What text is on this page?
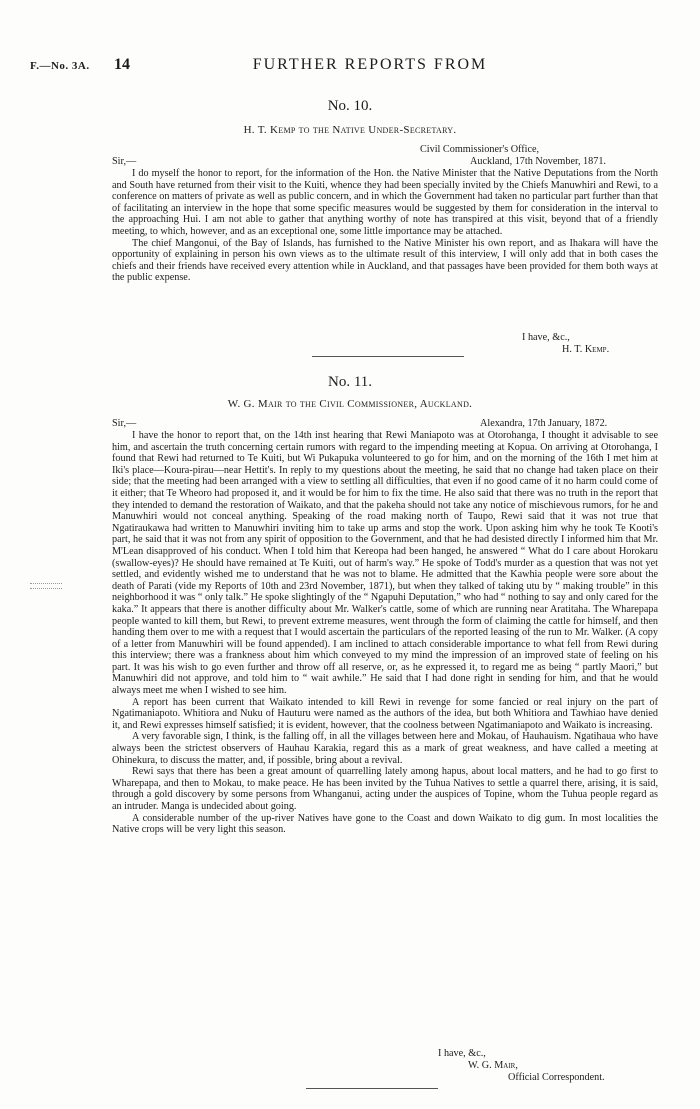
F.—No. 3A. 14	FURTHER REPORTS FROM
No. 10.
H. T. Kemp to the Native Under-Secretary.
Civil Commissioner's Office,
Sir,—	Auckland, 17th November, 1871.

I do myself the honor to report, for the information of the Hon. the Native Minister that the Native Deputations from the North and South have returned from their visit to the Kuiti, whence they had been specially invited by the Chiefs Manuwhiri and Rewi, to a conference on matters of private as well as public concern, and in which the Government had taken no particular part further than that of facilitating an interview in the hope that some specific measures would be suggested by them for consideration in the interval to the approaching Hui. I am not able to gather that anything worthy of note has transpired at this visit, beyond that of a friendly meeting, to which, however, and as an exceptional one, some little importance may be attached.

The chief Mangonui, of the Bay of Islands, has furnished to the Native Minister his own report, and as Ihakara will have the opportunity of explaining in person his own views as to the ultimate result of this interview, I will only add that in both cases the chiefs and their friends have received every attention while in Auckland, and that passages have been provided for them both ways at the public expense.

I have, &c.,
H. T. Kemp.
No. 11.
W. G. Mair to the Civil Commissioner, Auckland.
Sir,—	Alexandra, 17th January, 1872.

I have the honor to report that, on the 14th inst hearing that Rewi Maniapoto was at Otorohanga, I thought it advisable to see him, and ascertain the truth concerning certain rumors with regard to the impending meeting at Kopua. On arriving at Otorohanga, I found that Rewi had returned to Te Kuiti, but Wi Pukapuka volunteered to go for him, and on the morning of the 16th I met him at Iki's place—Koura-pirau—near Hettit's. In reply to my questions about the meeting, he said that no change had taken place on their side; that the meeting had been arranged with a view to settling all difficulties, that even if no good came of it no harm could come of it either; that Te Wheoro had proposed it, and it would be for him to fix the time. He also said that there was no truth in the report that they intended to demand the restoration of Waikato, and that the pakeha should not take any notice of mischievous rumors, for he and Manuwhiri would not conceal anything. Speaking of the road making north of Taupo, Rewi said that it was not true that Ngatiraukawa had written to Manuwhiri inviting him to take up arms and stop the work. Upon asking him why he took Te Kooti's part, he said that it was not from any spirit of opposition to the Government, and that he had desisted directly I informed him that Mr. M'Lean disapproved of his conduct. When I told him that Kereopa had been hanged, he answered “ What do I care about Horokaru (swallow-eyes)? He should have remained at Te Kuiti, out of harm's way.” He spoke of Todd's murder as a question that was not yet settled, and evidently wished me to understand that he was not to blame. He admitted that the Kawhia people were sore about the death of Parati (vide my Reports of 10th and 23rd November, 1871), but when they talked of taking utu by “ making trouble” in this neighborhood it was “ only talk.” He spoke slightingly of the “ Ngapuhi Deputation,” who had “ nothing to say and only cared for the kaka.” It appears that there is another difficulty about Mr. Walker's cattle, some of which are running near Aratitaha. The Wharepapa people wanted to kill them, but Rewi, to prevent extreme measures, went through the form of claiming the cattle for himself, and then handing them over to me with a request that I would ascertain the particulars of the reported leasing of the run to Mr. Walker. (A copy of a letter from Manuwhiri will be found appended). I am inclined to attach considerable importance to what fell from Rewi during this interview; there was a frankness about him which conveyed to my mind the impression of an improved state of feeling on his part. It was his wish to go even further and throw off all reserve, or, as he expressed it, to regard me as being “ partly Maori,” but Manuwhiri did not approve, and told him to “ wait awhile.” He said that I had done right in sending for him, and that he would always meet me when I wished to see him.

A report has been current that Waikato intended to kill Rewi in revenge for some fancied or real injury on the part of Ngatimaniapoto. Whitiora and Nuku of Hauturu were named as the authors of the idea, but both Whitiora and Tawhiao have denied it, and Rewi expresses himself satisfied; it is evident, however, that the coolness between Ngatimaniapoto and Waikato is increasing.

A very favorable sign, I think, is the falling off, in all the villages between here and Mokau, of Hauhauism. Ngatihaua who have always been the strictest observers of Hauhau Karakia, regard this as a mark of great weakness, and have called a meeting at Ohinekura, to discuss the matter, and, if possible, bring about a revival.

Rewi says that there has been a great amount of quarrelling lately among hapus, about local matters, and he had to go first to Wharepapa, and then to Mokau, to make peace. He has been invited by the Tuhua Natives to settle a quarrel there, arising, it is said, through a gold discovery by some persons from Whanganui, acting under the auspices of Topine, whom the Tuhua people regard as an intruder. Manga is undecided about going.

A considerable number of the up-river Natives have gone to the Coast and down Waikato to dig gum. In most localities the Native crops will be very light this season.

I have, &c.,
W. G. Mair,
Official Correspondent.
